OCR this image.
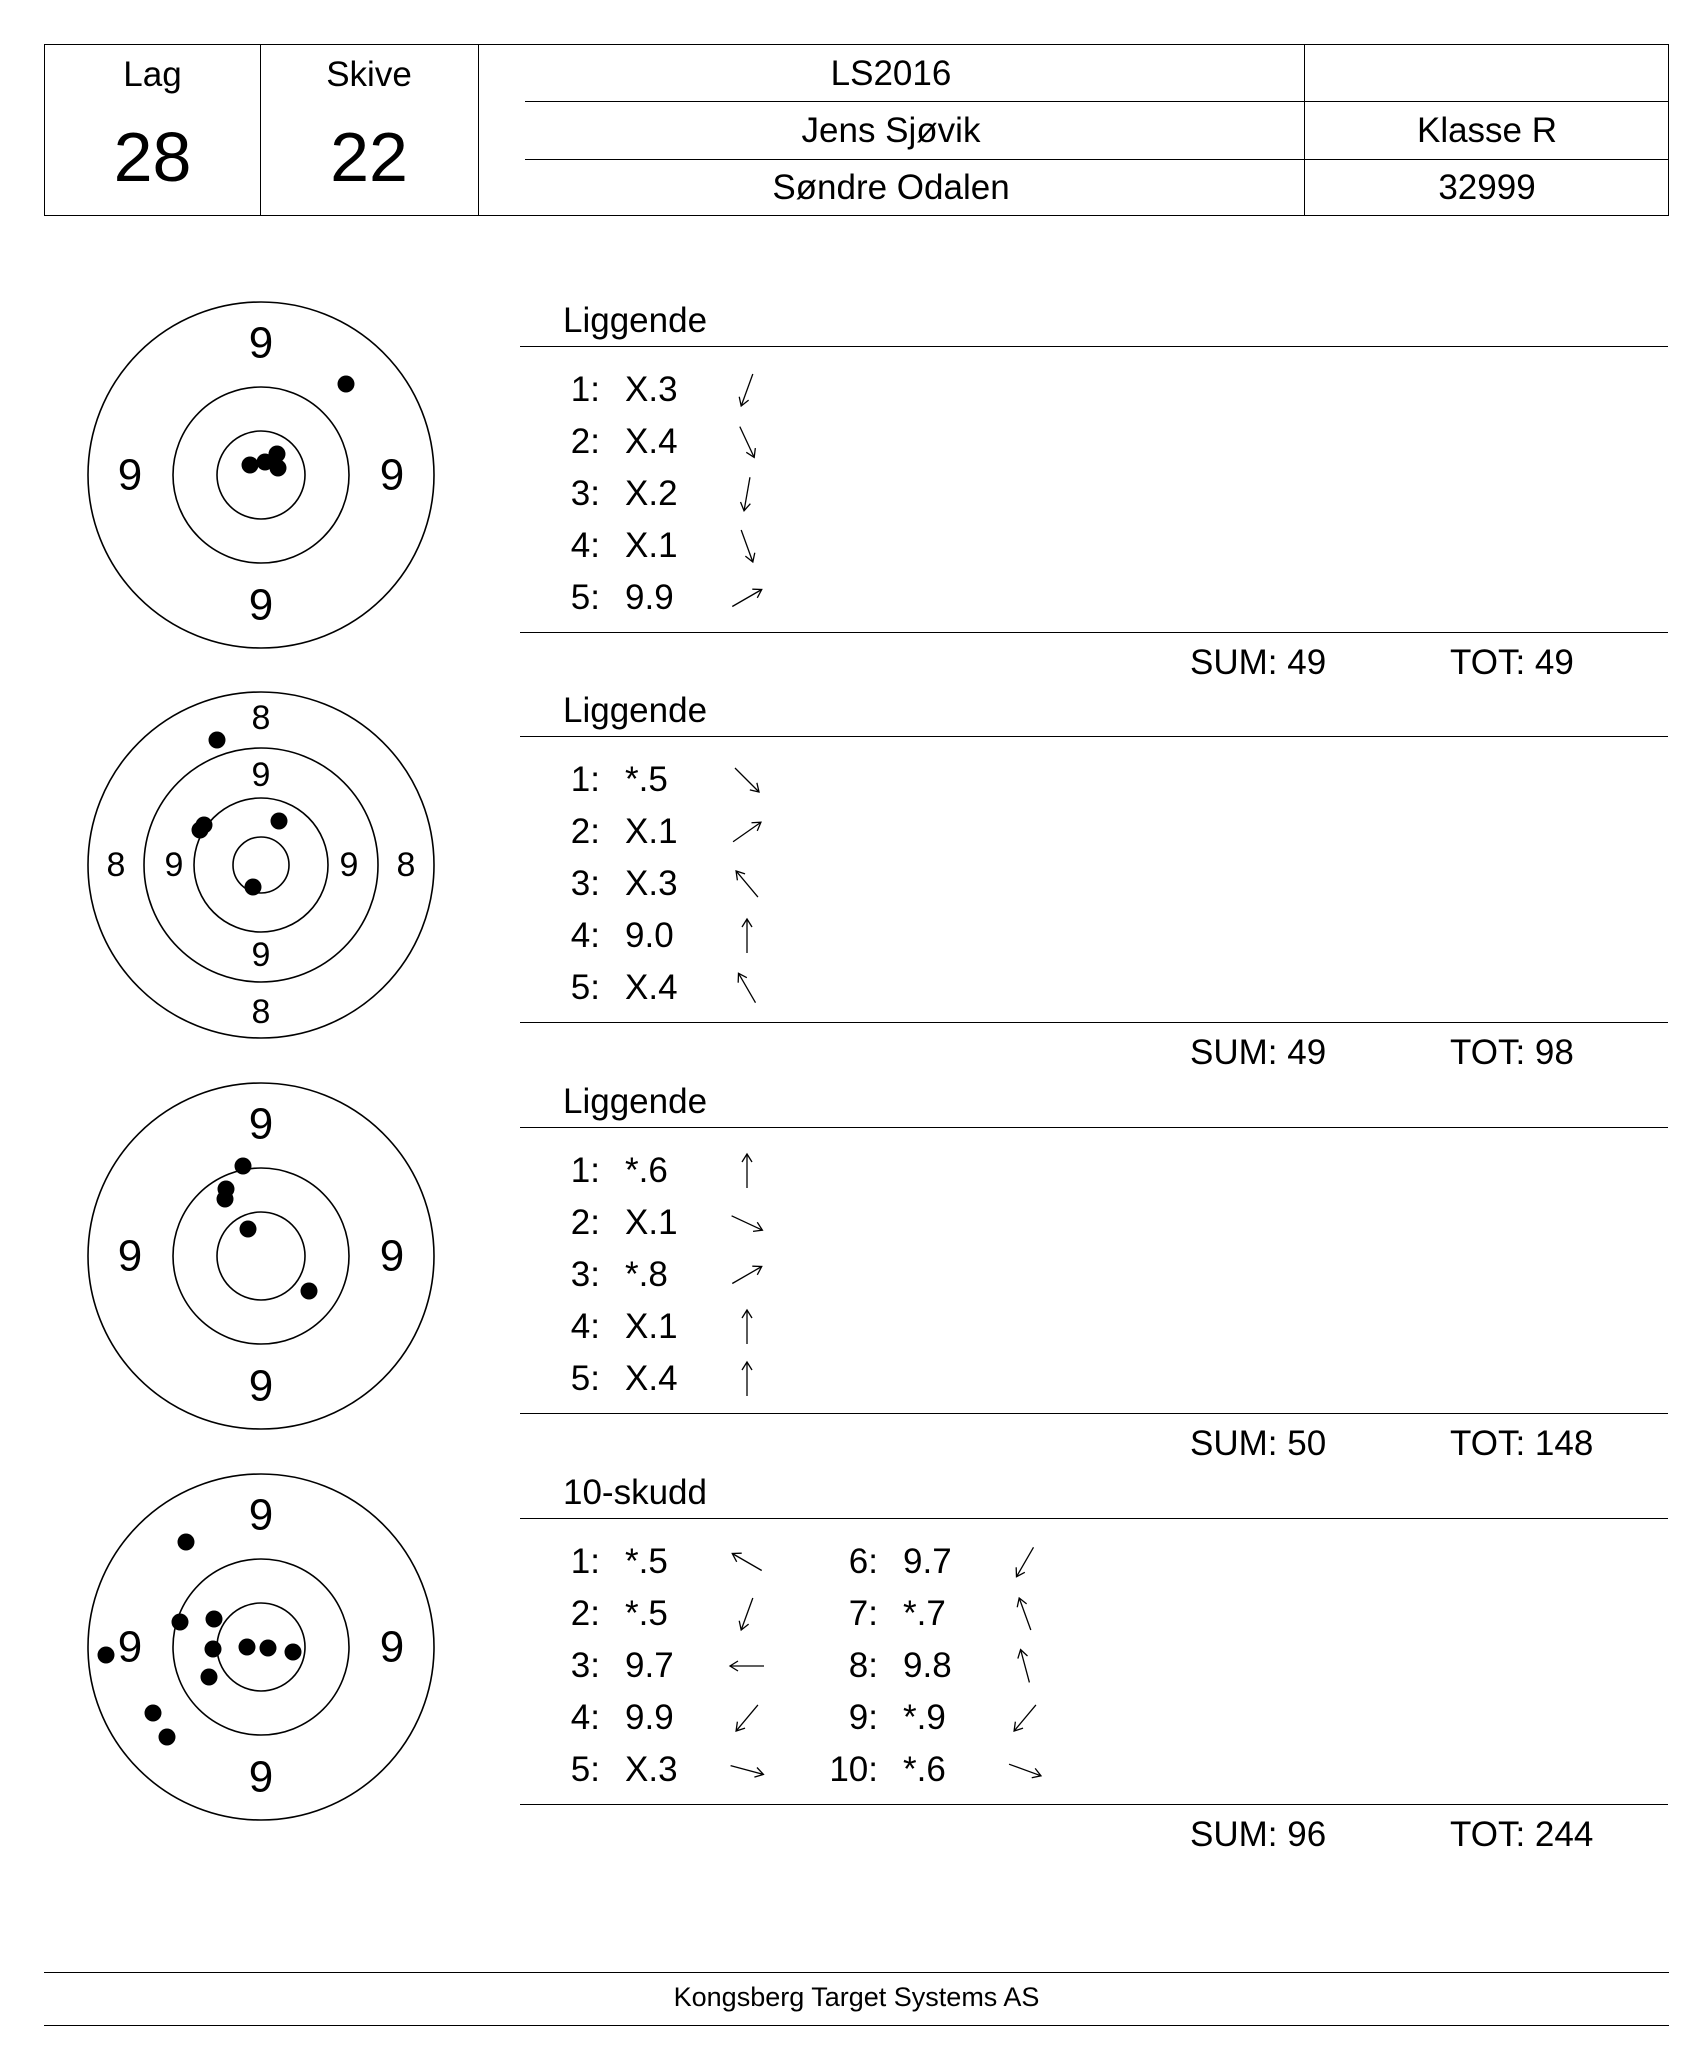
Lag
28
Skive
22
LS2016
Jens Sjøvik	Klasse R
Søndre Odalen	32999
9
9
9	9
Liggende
1: X.3
2: X.4
3: X.2
4: X.1
5: 9.9
SUM: 49	TOT: 49
8
8
8	8
9
9
9	9
Liggende
1: *.5
2: X.1
3: X.3
4: 9.0
5: X.4
SUM: 49	TOT: 98
9
9
9	9
Liggende
1: *.6
2: X.1
3: *.8
4: X.1
5: X.4
SUM: 50	TOT: 148
9
9
9	9
10-skudd
1: *.5
2: *.5
3: 9.7
4: 9.9
5: X.3
6: 9.7
7: *.7
8: 9.8
9: *.9
10: *.6
SUM: 96	TOT: 244
Kongsberg Target Systems AS
